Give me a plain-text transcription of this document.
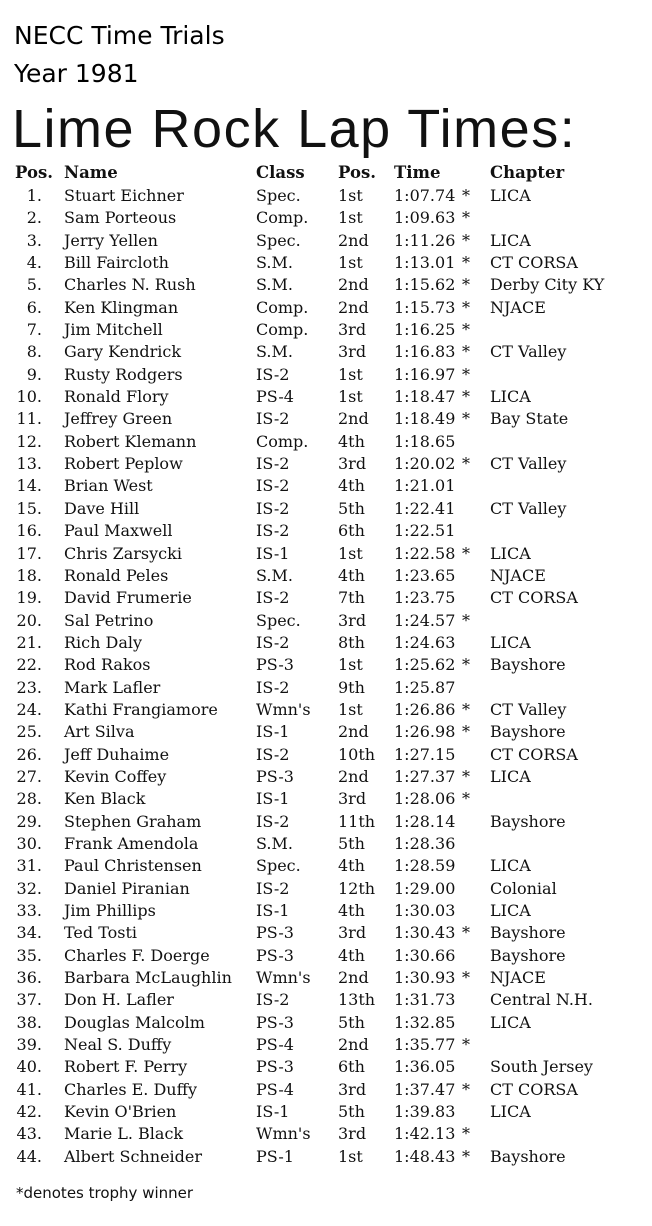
NECC Time Trials
Year 1981
Lime Rock Lap Times:
Pos. Name	Class Pos. Time	Chapter
1. Stuart Eichner	Spec. 1st 1:07.74 * LICA
2. Sam Porteous	Comp. 1st 1:09.63 *
3. Jerry Yellen	Spec. 2nd 1:11.26 * LICA
4. Bill Faircloth	S.M.	1st 1:13.01 * CT CORSA
5. Charles N. Rush	S.M.	2nd 1:15.62 * Derby City KY
6. Ken Klingman	Comp. 2nd 1:15.73 * NJACE
7. Jim Mitchell	Comp. 3rd 1:16.25 *
8. Gary Kendrick	S.M.	3rd 1:16.83 * CT Valley
9. Rusty Rodgers	IS-2	1st 1:16.97 *
10. Ronald Flory	PS-4	1st 1:18.47 * LICA
11. Jeffrey Green	IS-2	2nd 1:18.49 * Bay State
12. Robert Klemann	Comp. 4th 1:18.65
13. Robert Peplow	IS-2	3rd 1:20.02 * CT Valley
14. Brian West	IS-2	4th 1:21.01
15. Dave Hill	IS-2	5th 1:22.41 CT Valley
16. Paul Maxwell	IS-2	6th 1:22.51
17. Chris Zarsycki	IS-1	1st 1:22.58 * LICA
18. Ronald Peles	S.M.	4th 1:23.65 NJACE
19. David Frumerie	IS-2	7th 1:23.75 CT CORSA
20. Sal Petrino	Spec. 3rd 1:24.57 *
21. Rich Daly	IS-2	8th 1:24.63 LICA
22. Rod Rakos	PS-3	1st 1:25.62 * Bayshore
23. Mark Lafler	IS-2	9th 1:25.87
24. Kathi Frangiamore Wmn's 1st 1:26.86 * CT Valley
25. Art Silva	IS-1	2nd 1:26.98 * Bayshore
26. Jeff Duhaime	IS-2	10th 1:27.15 CT CORSA
27. Kevin Coffey	PS-3	2nd 1:27.37 * LICA
28. Ken Black	IS-1	3rd 1:28.06 *
29. Stephen Graham	IS-2	11th 1:28.14 Bayshore
30. Frank Amendola	S.M.	5th 1:28.36
31. Paul Christensen	Spec. 4th 1:28.59 LICA
32. Daniel Piranian	IS-2	12th 1:29.00 Colonial
33. Jim Phillips	IS-1	4th 1:30.03 LICA
34. Ted Tosti	PS-3	3rd 1:30.43 * Bayshore
35. Charles F. Doerge	PS-3	4th 1:30.66 Bayshore
36. Barbara McLaughlin Wmn's 2nd 1:30.93 * NJACE
37. Don H. Lafler	IS-2	13th 1:31.73 Central N.H.
38. Douglas Malcolm	PS-3	5th 1:32.85 LICA
39. Neal S. Duffy	PS-4	2nd 1:35.77 *
40. Robert F. Perry	PS-3	6th 1:36.05 South Jersey
41. Charles E. Duffy	PS-4	3rd 1:37.47 * CT CORSA
42. Kevin O'Brien	IS-1	5th 1:39.83 LICA
43. Marie L. Black	Wmn's 3rd 1:42.13 *
44. Albert Schneider	PS-1	1st 1:48.43 * Bayshore
*denotes trophy winner
